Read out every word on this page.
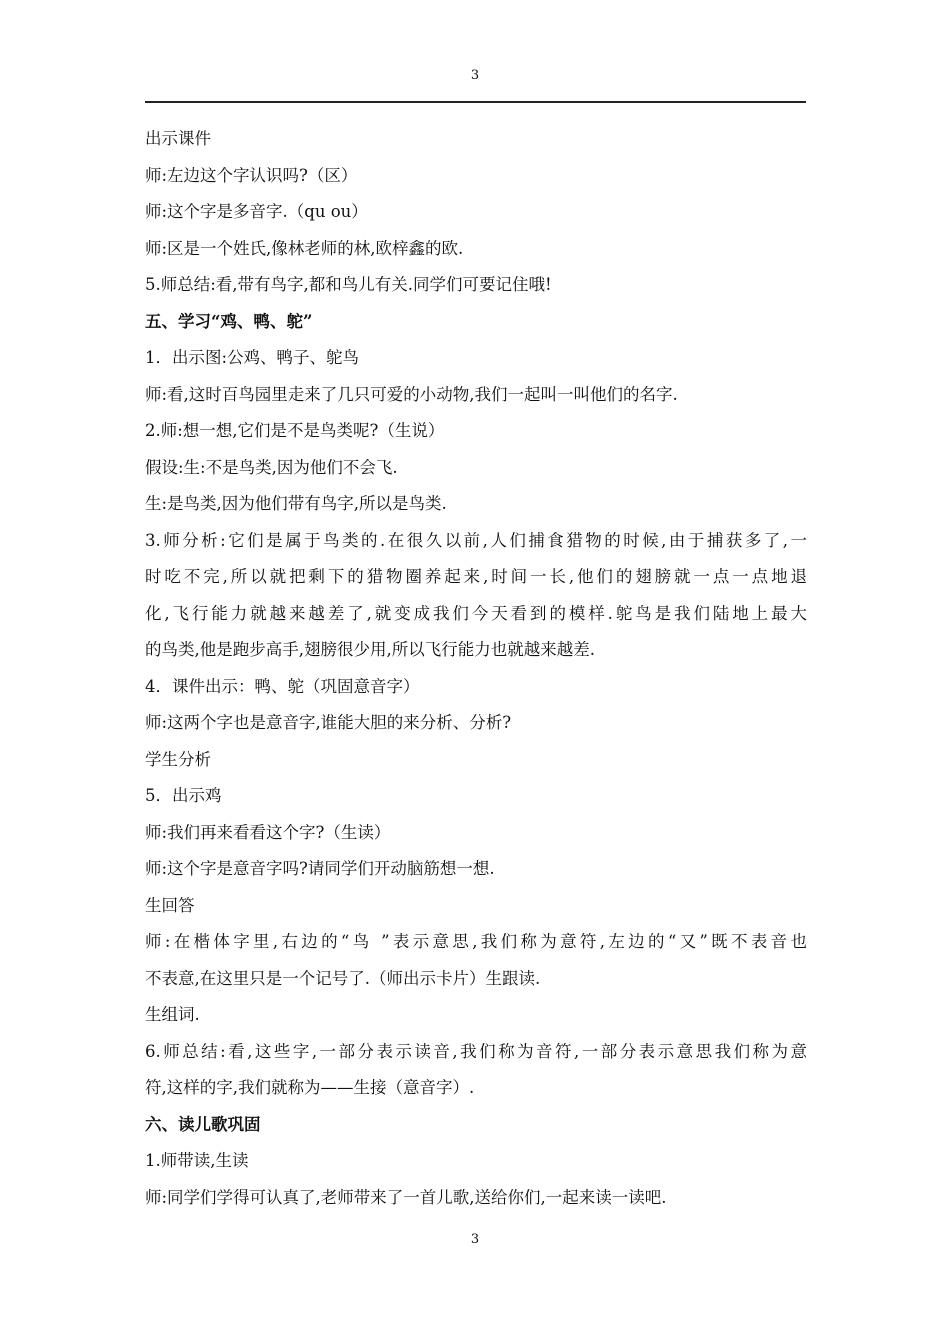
3
出示课件
师:左边这个字认识吗?（区）
师:这个字是多音字.（qu ou）
师:区是一个姓氏,像林老师的林,欧梓鑫的欧.
5.师总结:看,带有鸟字,都和鸟儿有关.同学们可要记住哦!
五、学习“鸡、鸭、鸵”
1．出示图:公鸡、鸭子、鸵鸟
师:看,这时百鸟园里走来了几只可爱的小动物,我们一起叫一叫他们的名字.
2.师:想一想,它们是不是鸟类呢?（生说）
假设:生:不是鸟类,因为他们不会飞.
生:是鸟类,因为他们带有鸟字,所以是鸟类.
3.师分析:它们是属于鸟类的.在很久以前,人们捕食猎物的时候,由于捕获多了,一
时吃不完,所以就把剩下的猎物圈养起来,时间一长,他们的翅膀就一点一点地退
化,飞行能力就越来越差了,就变成我们今天看到的模样.鸵鸟是我们陆地上最大
的鸟类,他是跑步高手,翅膀很少用,所以飞行能力也就越来越差.
4．课件出示：鸭、鸵（巩固意音字）
师:这两个字也是意音字,谁能大胆的来分析、分析?
学生分析
5．出示鸡
师:我们再来看看这个字?（生读）
师:这个字是意音字吗?请同学们开动脑筋想一想.
生回答
师:在楷体字里,右边的“鸟 ”表示意思,我们称为意符,左边的“又”既不表音也
不表意,在这里只是一个记号了.（师出示卡片）生跟读.
生组词.
6.师总结:看,这些字,一部分表示读音,我们称为音符,一部分表示意思我们称为意
符,这样的字,我们就称为——生接（意音字）.
六、读儿歌巩固
1.师带读,生读
师:同学们学得可认真了,老师带来了一首儿歌,送给你们,一起来读一读吧.
3
